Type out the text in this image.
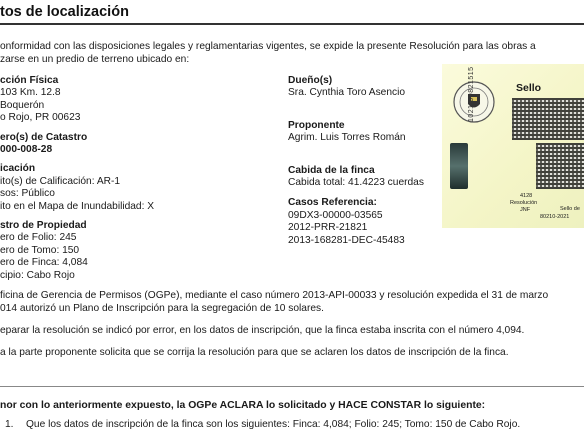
tos de localización
onformidad con las disposiciones legales y reglamentarias vigentes, se expide la presente Resolución para las obras a
zarse en un predio de terreno ubicado en:
cción Física
103 Km. 12.8
Boquerón
o Rojo, PR 00623
ero(s) de Catastro
000-008-28
icación
ito(s) de Calificación: AR-1
sos: Público
ito en el Mapa de Inundabilidad: X
stro de Propiedad
ero de Folio: 245
ero de Tomo: 150
ero de Finca: 4,084
cipio: Cabo Rojo
Dueño(s)
Sra. Cynthia Toro Asencio
Proponente
Agrim. Luis Torres Román
Cabida de la finca
Cabida total: 41.4223 cuerdas
Casos Referencia:
09DX3-00000-03565
2012-PRR-21821
2013-168281-DEC-45483
1021-00821515	Sello
4128
Resolución
JNF	Sello de
80210-2021
ficina de Gerencia de Permisos (OGPe), mediante el caso número 2013-API-00033 y resolución expedida el 31 de marzo
014 autorizó un Plano de Inscripción para la segregación de 10 solares.
eparar la resolución se indicó por error, en los datos de inscripción, que la finca estaba inscrita con el número 4,094.
a la parte proponente solicita que se corrija la resolución para que se aclaren los datos de inscripción de la finca.
nor con lo anteriormente expuesto, la OGPe ACLARA lo solicitado y HACE CONSTAR lo siguiente:
1. Que los datos de inscripción de la finca son los siguientes: Finca: 4,084; Folio: 245; Tomo: 150 de Cabo Rojo.
